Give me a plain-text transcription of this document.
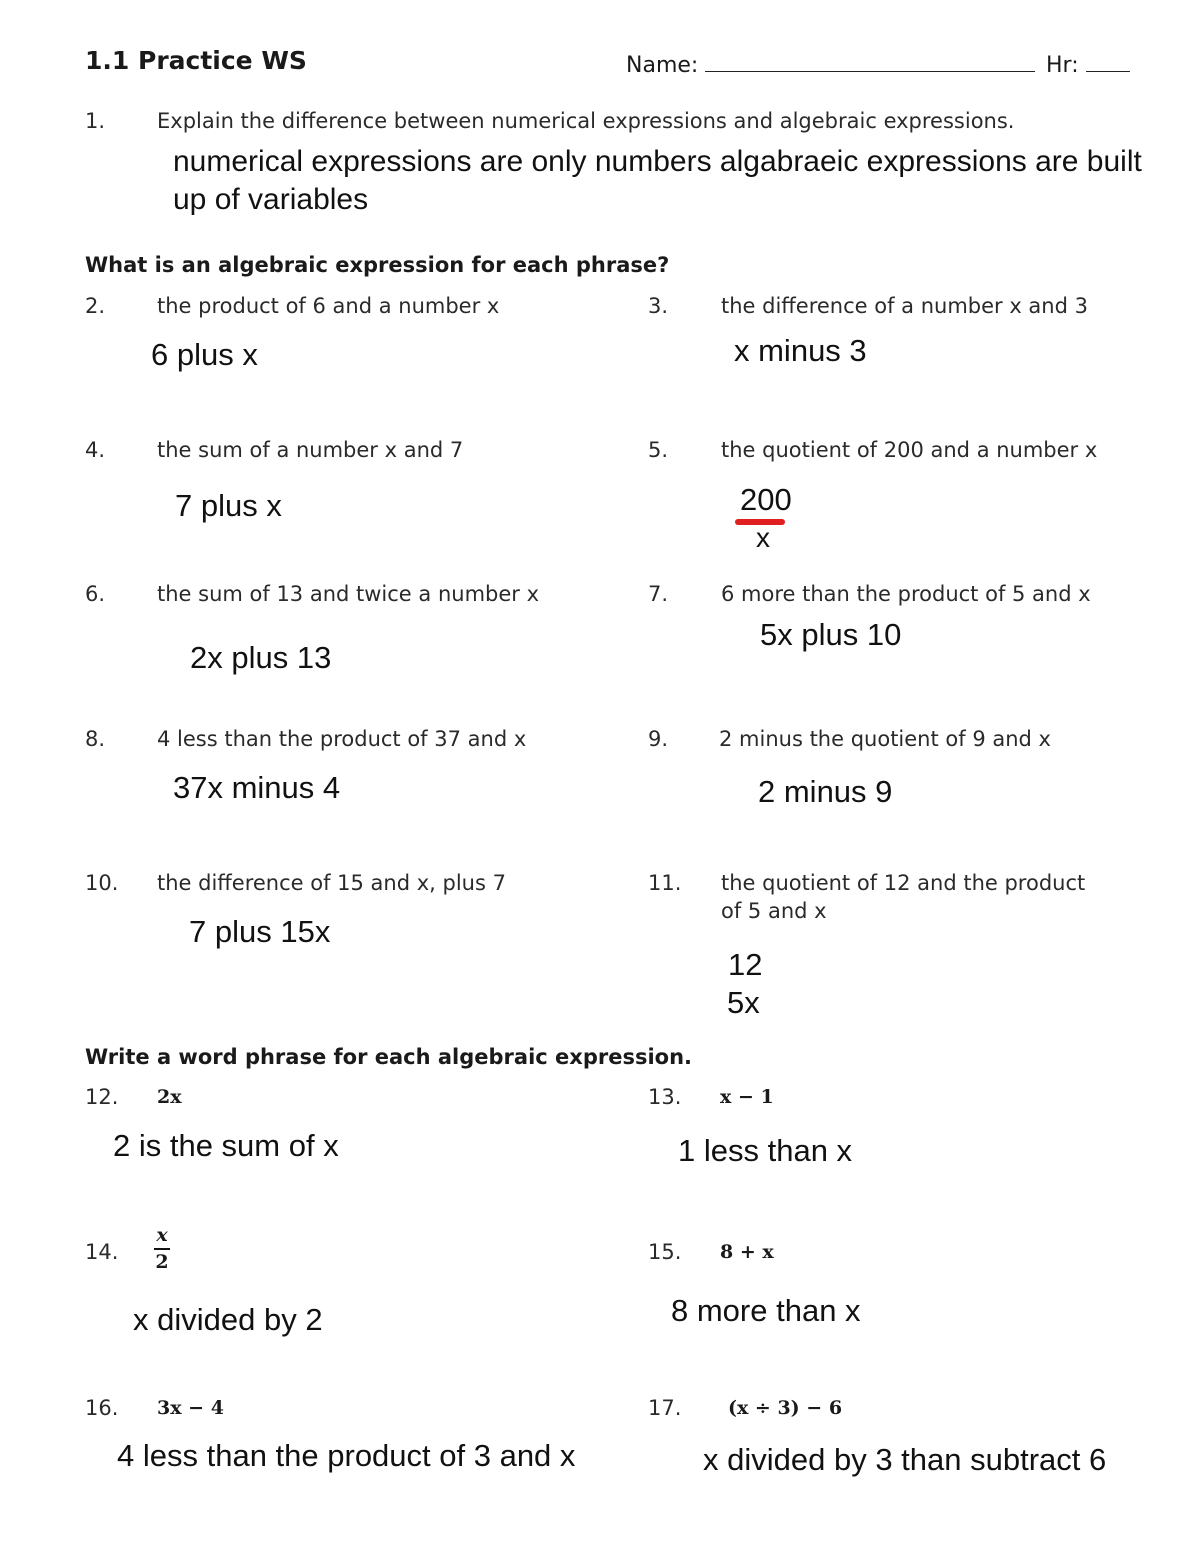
1.1 Practice WS	Name:	Hr:
1. Explain the difference between numerical expressions and algebraic expressions.
numerical expressions are only numbers algabraeic expressions are built
up of variables
What is an algebraic expression for each phrase?
2. the product of 6 and a number x
6 plus x
3.	the difference of a number x and 3
x minus 3
4. the sum of a number x and 7
7 plus x
5.	the quotient of 200 and a number x
200
x
6. the sum of 13 and twice a number x
2x plus 13
7.	6 more than the product of 5 and x
5x plus 10
8. 4 less than the product of 37 and x
37x minus 4
9. 2 minus the quotient of 9 and x
2 minus 9
10. the difference of 15 and x, plus 7
7 plus 15x
11. the quotient of 12 and the product
of 5 and x
12
5x
Write a word phrase for each algebraic expression.
12. 2x
2 is the sum of x
13. x − 1
1 less than x
14. $\frac{x}{2}$
x divided by 2
15. 8 + x
8 more than x
16. 3x − 4
4 less than the product of 3 and x
17. (x ÷ 3) − 6
x divided by 3 than subtract 6
